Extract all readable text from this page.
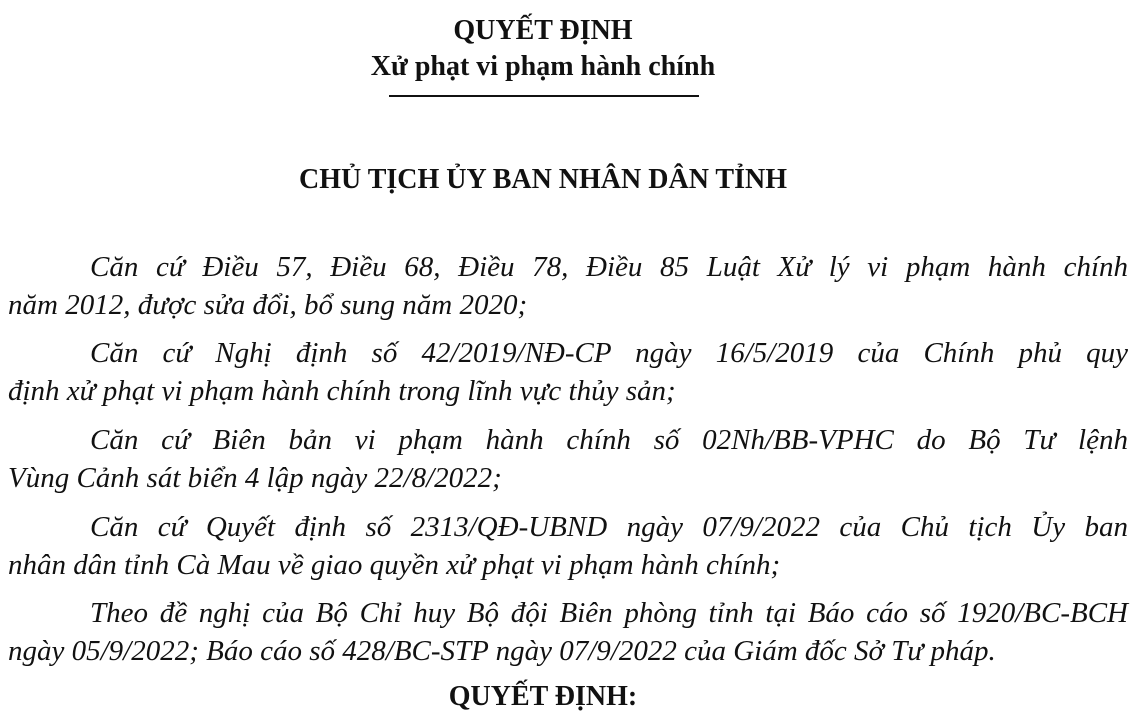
QUYẾT ĐỊNH
Xử phạt vi phạm hành chính
CHỦ TỊCH ỦY BAN NHÂN DÂN TỈNH
Căn cứ Điều 57, Điều 68, Điều 78, Điều 85 Luật Xử lý vi phạm hành chính
năm 2012, được sửa đổi, bổ sung năm 2020;
Căn cứ Nghị định số 42/2019/NĐ-CP ngày 16/5/2019 của Chính phủ quy
định xử phạt vi phạm hành chính trong lĩnh vực thủy sản;
Căn cứ Biên bản vi phạm hành chính số 02Nh/BB-VPHC do Bộ Tư lệnh
Vùng Cảnh sát biển 4 lập ngày 22/8/2022;
Căn cứ Quyết định số 2313/QĐ-UBND ngày 07/9/2022 của Chủ tịch Ủy ban
nhân dân tỉnh Cà Mau về giao quyền xử phạt vi phạm hành chính;
Theo đề nghị của Bộ Chỉ huy Bộ đội Biên phòng tỉnh tại Báo cáo số 1920/BC-BCH
ngày 05/9/2022; Báo cáo số 428/BC-STP ngày 07/9/2022 của Giám đốc Sở Tư pháp.
QUYẾT ĐỊNH:
